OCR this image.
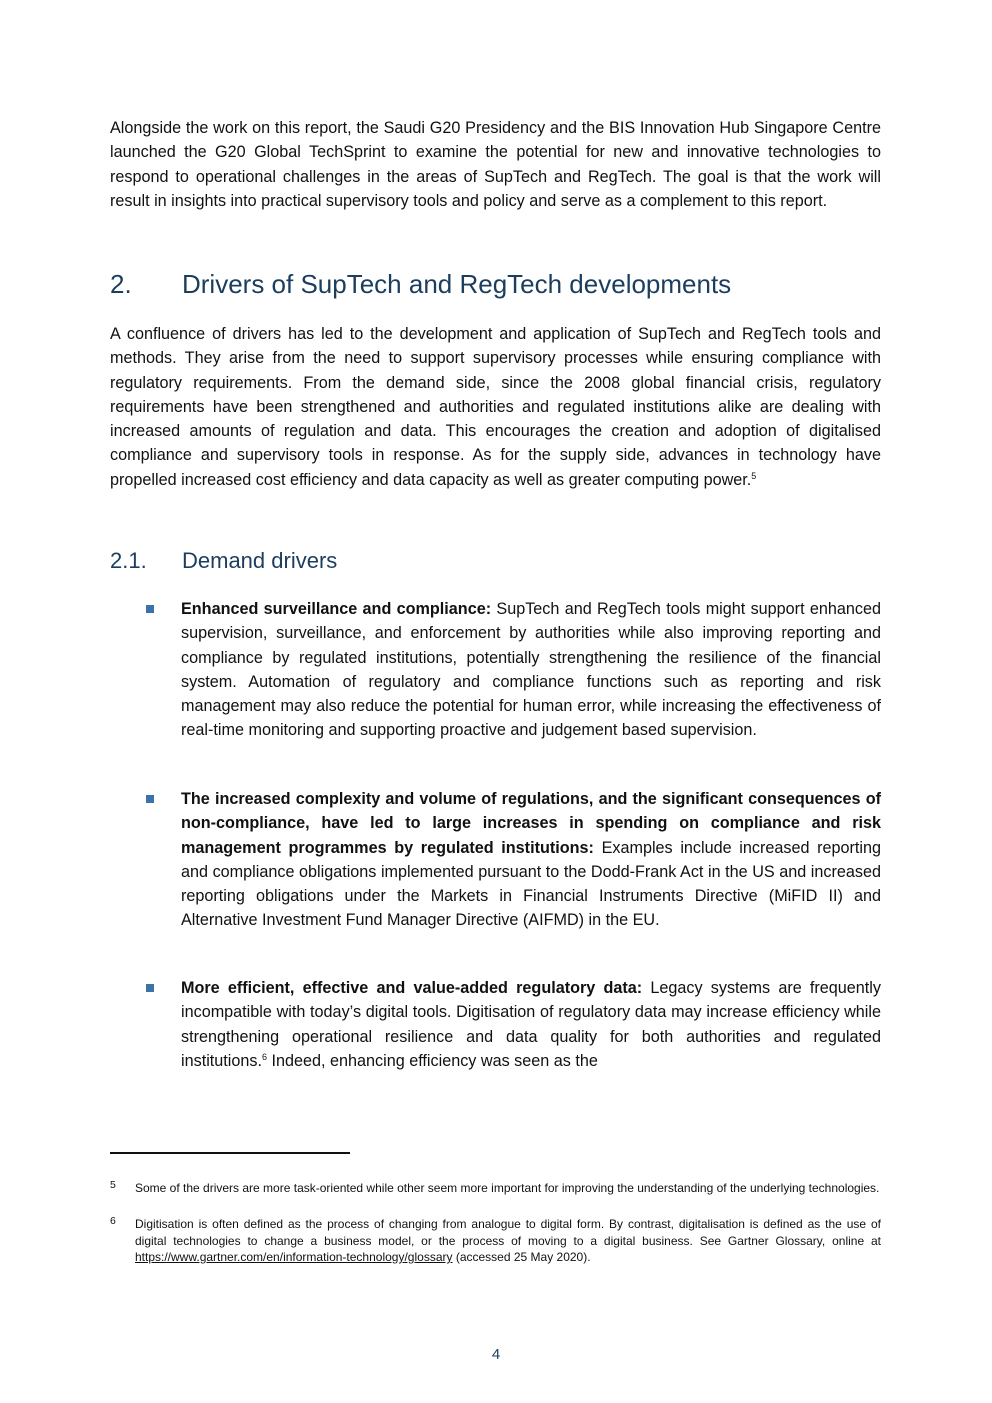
Alongside the work on this report, the Saudi G20 Presidency and the BIS Innovation Hub Singapore Centre launched the G20 Global TechSprint to examine the potential for new and innovative technologies to respond to operational challenges in the areas of SupTech and RegTech. The goal is that the work will result in insights into practical supervisory tools and policy and serve as a complement to this report.

2. Drivers of SupTech and RegTech developments

A confluence of drivers has led to the development and application of SupTech and RegTech tools and methods. They arise from the need to support supervisory processes while ensuring compliance with regulatory requirements. From the demand side, since the 2008 global financial crisis, regulatory requirements have been strengthened and authorities and regulated institutions alike are dealing with increased amounts of regulation and data. This encourages the creation and adoption of digitalised compliance and supervisory tools in response. As for the supply side, advances in technology have propelled increased cost efficiency and data capacity as well as greater computing power.$^5$

2.1. Demand drivers

Enhanced surveillance and compliance: SupTech and RegTech tools might support enhanced supervision, surveillance, and enforcement by authorities while also improving reporting and compliance by regulated institutions, potentially strengthening the resilience of the financial system. Automation of regulatory and compliance functions such as reporting and risk management may also reduce the potential for human error, while increasing the effectiveness of real-time monitoring and supporting proactive and judgement based supervision.

The increased complexity and volume of regulations, and the significant consequences of non-compliance, have led to large increases in spending on compliance and risk management programmes by regulated institutions: Examples include increased reporting and compliance obligations implemented pursuant to the Dodd-Frank Act in the US and increased reporting obligations under the Markets in Financial Instruments Directive (MiFID II) and Alternative Investment Fund Manager Directive (AIFMD) in the EU.

More efficient, effective and value-added regulatory data: Legacy systems are frequently incompatible with today’s digital tools. Digitisation of regulatory data may increase efficiency while strengthening operational resilience and data quality for both authorities and regulated institutions.$^6$ Indeed, enhancing efficiency was seen as the

5 Some of the drivers are more task-oriented while other seem more important for improving the understanding of the underlying technologies.
6 Digitisation is often defined as the process of changing from analogue to digital form. By contrast, digitalisation is defined as the use of digital technologies to change a business model, or the process of moving to a digital business. See Gartner Glossary, online at https://www.gartner.com/en/information-technology/glossary (accessed 25 May 2020).
4
